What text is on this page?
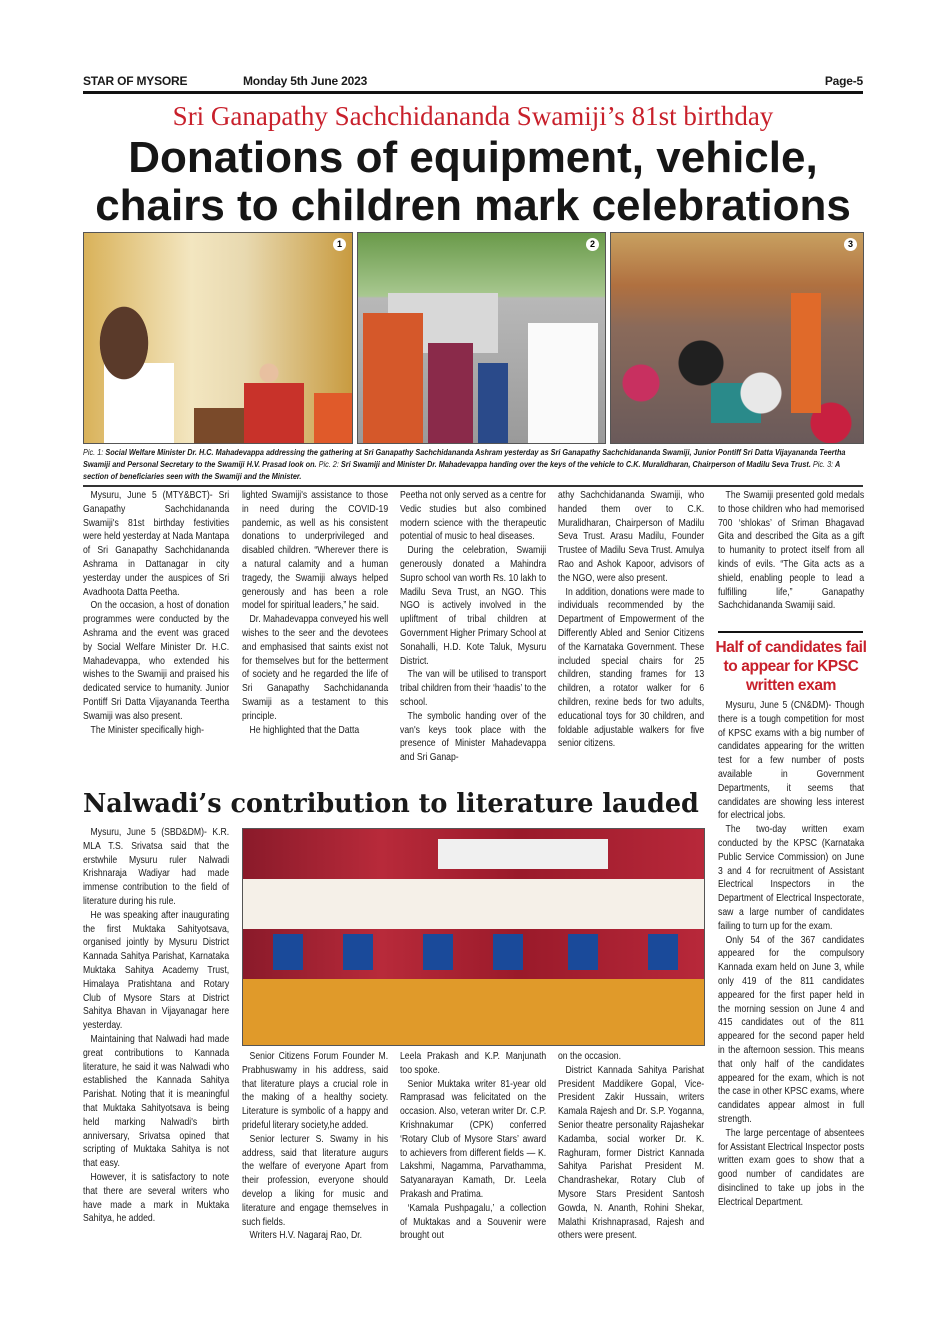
STAR OF MYSORE	Monday 5th June 2023	Page-5
Sri Ganapathy Sachchidananda Swamiji’s 81st birthday
Donations of equipment, vehicle,
chairs to children mark celebrations
1	2	3
Pic. 1: Social Welfare Minister Dr. H.C. Mahadevappa addressing the gathering at Sri Ganapathy Sachchidananda Ashram yesterday as Sri Ganapathy Sachchidananda Swamiji, Junior Pontiff Sri Datta Vijayananda Teertha Swamiji and Personal Secretary to the Swamiji H.V. Prasad look on. Pic. 2: Sri Swamiji and Minister Dr. Mahadevappa handing over the keys of the vehicle to C.K. Muralidharan, Chairperson of Madilu Seva Trust. Pic. 3: A section of beneficiaries seen with the Swamiji and the Minister.

Mysuru, June 5 (MTY&BCT)- Sri Ganapathy Sachchidananda Swamiji's 81st birthday festivities were held yesterday at Nada Mantapa of Sri Ganapathy Sachchidananda Ashrama in Dattanagar in city yesterday under the auspices of Sri Avadhoota Datta Peetha.

On the occasion, a host of donation programmes were conducted by the Ashrama and the event was graced by Social Welfare Minister Dr. H.C. Mahadevappa, who extended his wishes to the Swamiji and praised his dedicated service to humanity. Junior Pontiff Sri Datta Vijayananda Teertha Swamiji was also present.

The Minister specifically high-

lighted Swamiji's assistance to those in need during the COVID-19 pandemic, as well as his consistent donations to underprivileged and disabled children. “Wherever there is a natural calamity and a human tragedy, the Swamiji always helped generously and has been a role model for spiritual leaders,” he said.

Dr. Mahadevappa conveyed his well wishes to the seer and the devotees and emphasised that saints exist not for themselves but for the betterment of society and he regarded the life of Sri Ganapathy Sachchidananda Swamiji as a testament to this principle.

He highlighted that the Datta

Peetha not only served as a centre for Vedic studies but also combined modern science with the therapeutic potential of music to heal diseases.

During the celebration, Swamiji generously donated a Mahindra Supro school van worth Rs. 10 lakh to Madilu Seva Trust, an NGO. This NGO is actively involved in the upliftment of tribal children at Government Higher Primary School at Sonahalli, H.D. Kote Taluk, Mysuru District.

The van will be utilised to transport tribal children from their ‘haadis’ to the school.

The symbolic handing over of the van's keys took place with the presence of Minister Mahadevappa and Sri Ganap-

athy Sachchidananda Swamiji, who handed them over to C.K. Muralidharan, Chairperson of Madilu Seva Trust. Arasu Madilu, Founder Trustee of Madilu Seva Trust. Amulya Rao and Ashok Kapoor, advisors of the NGO, were also present.

In addition, donations were made to individuals recommended by the Department of Empowerment of the Differently Abled and Senior Citizens of the Karnataka Government. These included special chairs for 25 children, standing frames for 13 children, a rotator walker for 6 children, rexine beds for two adults, educational toys for 30 children, and foldable adjustable walkers for five senior citizens.

The Swamiji presented gold medals to those children who had memorised 700 ‘shlokas’ of Sriman Bhagavad Gita and described the Gita as a gift to humanity to protect itself from all kinds of evils. “The Gita acts as a shield, enabling people to lead a fulfilling life,” Ganapathy Sachchidananda Swamiji said.

Half of candidates fail to appear for KPSC written exam

Mysuru, June 5 (CN&DM)- Though there is a tough competition for most of KPSC exams with a big number of candidates appearing for the written test for a few number of posts available in Government Departments, it seems that candidates are showing less interest for electrical jobs.

The two-day written exam conducted by the KPSC (Karnataka Public Service Commission) on June 3 and 4 for recruitment of Assistant Electrical Inspectors in the Department of Electrical Inspectorate, saw a large number of candidates failing to turn up for the exam.

Only 54 of the 367 candidates appeared for the compulsory Kannada exam held on June 3, while only 419 of the 811 candidates appeared for the first paper held in the morning session on June 4 and 415 candidates out of the 811 appeared for the second paper held in the afternoon session. This means that only half of the candidates appeared for the exam, which is not the case in other KPSC exams, where candidates appear almost in full strength.

The large percentage of absentees for Assistant Electrical Inspector posts written exam goes to show that a good number of candidates are disinclined to take up jobs in the Electrical Department.

Nalwadi’s contribution to literature lauded

Mysuru, June 5 (SBD&DM)- K.R. MLA T.S. Srivatsa said that the erstwhile Mysuru ruler Nalwadi Krishnaraja Wadiyar had made immense contribution to the field of literature during his rule.

He was speaking after inaugurating the first Muktaka Sahityotsava, organised jointly by Mysuru District Kannada Sahitya Parishat, Karnataka Muktaka Sahitya Academy Trust, Himalaya Pratishtana and Rotary Club of Mysore Stars at District Sahitya Bhavan in Vijayanagar here yesterday.

Maintaining that Nalwadi had made great contributions to Kannada literature, he said it was Nalwadi who established the Kannada Sahitya Parishat. Noting that it is meaningful that Muktaka Sahityotsava is being held marking Nalwadi's birth anniversary, Srivatsa opined that scripting of Muktaka Sahitya is not that easy.

However, it is satisfactory to note that there are several writers who have made a mark in Muktaka Sahitya, he added.

Senior Citizens Forum Founder M. Prabhuswamy in his address, said that literature plays a crucial role in the making of a healthy society. Literature is symbolic of a happy and prideful literary society,he added.

Senior lecturer S. Swamy in his address, said that literature augurs the welfare of everyone Apart from their profession, everyone should develop a liking for music and literature and engage themselves in such fields.

Writers H.V. Nagaraj Rao, Dr.

Leela Prakash and K.P. Manjunath too spoke.

Senior Muktaka writer 81-year old Ramprasad was felicitated on the occasion. Also, veteran writer Dr. C.P. Krishnakumar (CPK) conferred ‘Rotary Club of Mysore Stars’ award to achievers from different fields — K. Lakshmi, Nagamma, Parvathamma, Satyanarayan Kamath, Dr. Leela Prakash and Pratima.

‘Kamala Pushpagalu,’ a collection of Muktakas and a Souvenir were brought out

on the occasion.

District Kannada Sahitya Parishat President Maddikere Gopal, Vice-President Zakir Hussain, writers Kamala Rajesh and Dr. S.P. Yoganna, Senior theatre personality Rajashekar Kadamba, social worker Dr. K. Raghuram, former District Kannada Sahitya Parishat President M. Chandrashekar, Rotary Club of Mysore Stars President Santosh Gowda, N. Ananth, Rohini Shekar, Malathi Krishnaprasad, Rajesh and others were present.
